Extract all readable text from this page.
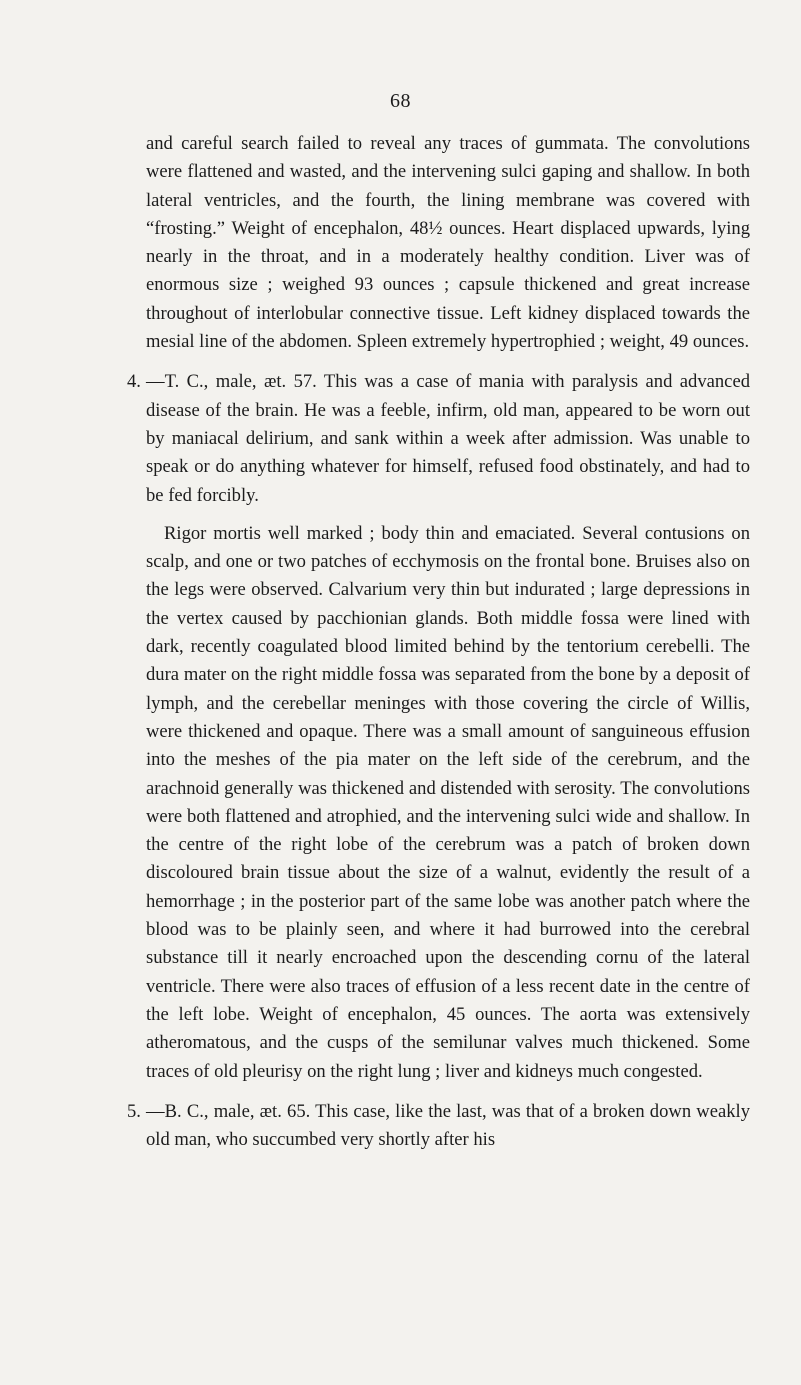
68

and careful search failed to reveal any traces of gummata. The convolutions were flattened and wasted, and the intervening sulci gaping and shallow. In both lateral ventricles, and the fourth, the lining membrane was covered with “frosting.” Weight of encephalon, 48½ ounces. Heart displaced upwards, lying nearly in the throat, and in a moderately healthy condition. Liver was of enormous size ; weighed 93 ounces ; capsule thickened and great increase throughout of interlobular connective tissue. Left kidney displaced towards the mesial line of the abdomen. Spleen extremely hypertrophied ; weight, 49 ounces.

4. —T. C., male, æt. 57. This was a case of mania with paralysis and advanced disease of the brain. He was a feeble, infirm, old man, appeared to be worn out by maniacal delirium, and sank within a week after admission. Was unable to speak or do anything whatever for himself, refused food obstinately, and had to be fed forcibly.

Rigor mortis well marked ; body thin and emaciated. Several contusions on scalp, and one or two patches of ecchymosis on the frontal bone. Bruises also on the legs were observed. Calvarium very thin but indurated ; large depressions in the vertex caused by pacchionian glands. Both middle fossa were lined with dark, recently coagulated blood limited behind by the tentorium cerebelli. The dura mater on the right middle fossa was separated from the bone by a deposit of lymph, and the cerebellar meninges with those covering the circle of Willis, were thickened and opaque. There was a small amount of sanguineous effusion into the meshes of the pia mater on the left side of the cerebrum, and the arachnoid generally was thickened and distended with serosity. The convolutions were both flattened and atrophied, and the intervening sulci wide and shallow. In the centre of the right lobe of the cerebrum was a patch of broken down discoloured brain tissue about the size of a walnut, evidently the result of a hemorrhage ; in the posterior part of the same lobe was another patch where the blood was to be plainly seen, and where it had burrowed into the cerebral substance till it nearly encroached upon the descending cornu of the lateral ventricle. There were also traces of effusion of a less recent date in the centre of the left lobe. Weight of encephalon, 45 ounces. The aorta was extensively atheromatous, and the cusps of the semilunar valves much thickened. Some traces of old pleurisy on the right lung ; liver and kidneys much congested.

5. —B. C., male, æt. 65. This case, like the last, was that of a broken down weakly old man, who succumbed very shortly after his
